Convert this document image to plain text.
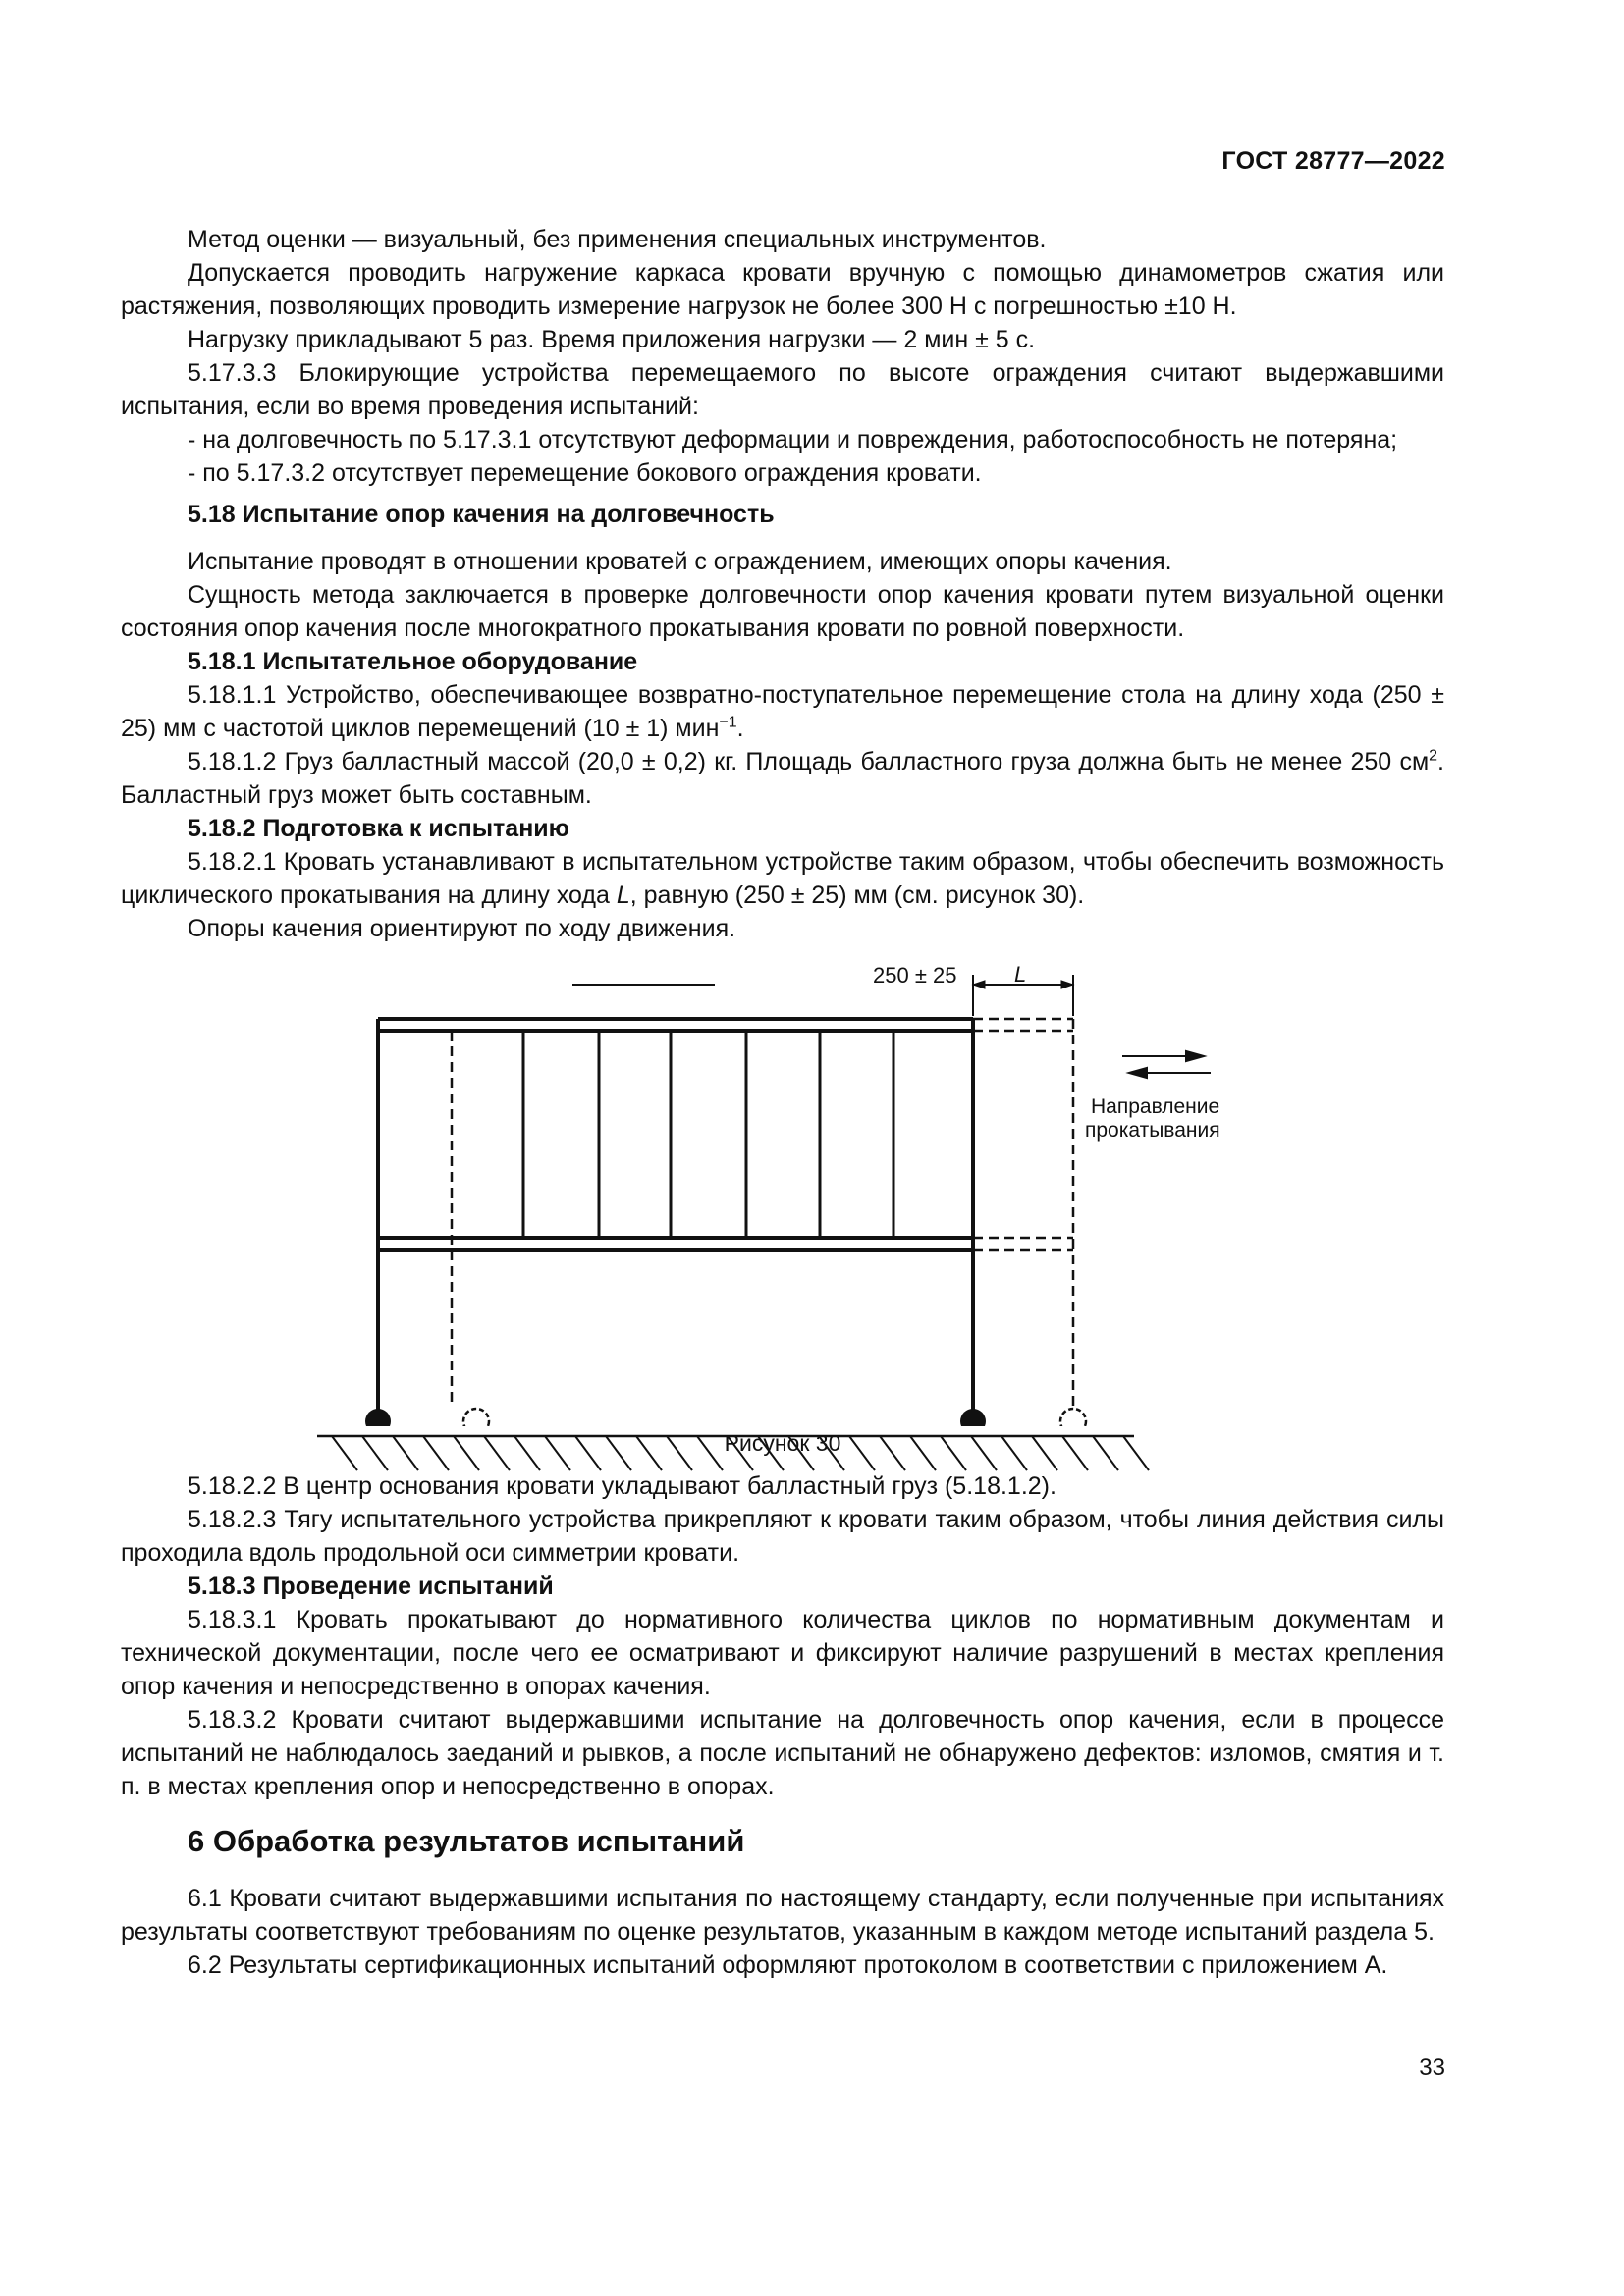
ГОСТ 28777—2022

Метод оценки — визуальный, без применения специальных инструментов.

Допускается проводить нагружение каркаса кровати вручную с помощью динамометров сжатия или растяжения, позволяющих проводить измерение нагрузок не более 300 Н с погрешностью ±10 Н.

Нагрузку прикладывают 5 раз. Время приложения нагрузки — 2 мин ± 5 с.

5.17.3.3 Блокирующие устройства перемещаемого по высоте ограждения считают выдержавшими испытания, если во время проведения испытаний:

- на долговечность по 5.17.3.1 отсутствуют деформации и повреждения, работоспособность не потеряна;

- по 5.17.3.2 отсутствует перемещение бокового ограждения кровати.

5.18 Испытание опор качения на долговечность

Испытание проводят в отношении кроватей с ограждением, имеющих опоры качения.

Сущность метода заключается в проверке долговечности опор качения кровати путем визуальной оценки состояния опор качения после многократного прокатывания кровати по ровной поверхности.

5.18.1 Испытательное оборудование

5.18.1.1 Устройство, обеспечивающее возвратно-поступательное перемещение стола на длину хода (250 ± 25) мм с частотой циклов перемещений (10 ± 1) мин$^{-1}$.

5.18.1.2 Груз балластный массой (20,0 ± 0,2) кг. Площадь балластного груза должна быть не менее 250 $см^2$. Балластный груз может быть составным.

5.18.2 Подготовка к испытанию

5.18.2.1 Кровать устанавливают в испытательном устройстве таким образом, чтобы обеспечить возможность циклического прокатывания на длину хода L, равную (250 ± 25) мм (см. рисунок 30).

Опоры качения ориентируют по ходу движения.

250 ± 25	L
Направление
прокатывания

Рисунок 30

5.18.2.2 В центр основания кровати укладывают балластный груз (5.18.1.2).

5.18.2.3 Тягу испытательного устройства прикрепляют к кровати таким образом, чтобы линия действия силы проходила вдоль продольной оси симметрии кровати.

5.18.3 Проведение испытаний

5.18.3.1 Кровать прокатывают до нормативного количества циклов по нормативным документам и технической документации, после чего ее осматривают и фиксируют наличие разрушений в местах крепления опор качения и непосредственно в опорах качения.

5.18.3.2 Кровати считают выдержавшими испытание на долговечность опор качения, если в процессе испытаний не наблюдалось заеданий и рывков, а после испытаний не обнаружено дефектов: изломов, смятия и т. п. в местах крепления опор и непосредственно в опорах.

6 Обработка результатов испытаний

6.1 Кровати считают выдержавшими испытания по настоящему стандарту, если полученные при испытаниях результаты соответствуют требованиям по оценке результатов, указанным в каждом методе испытаний раздела 5.

6.2 Результаты сертификационных испытаний оформляют протоколом в соответствии с приложением А.

33
